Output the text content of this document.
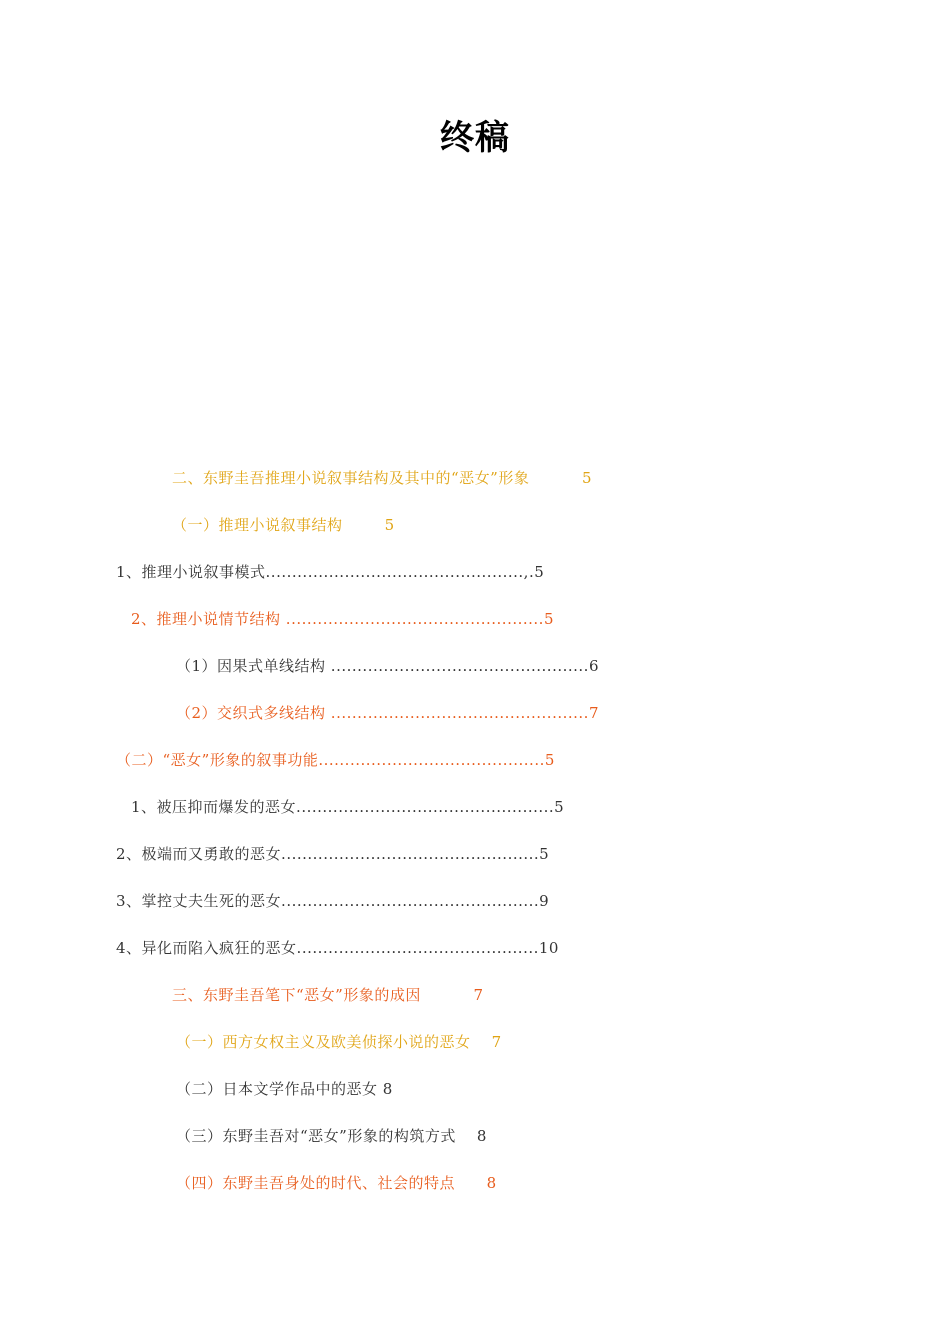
终稿
二、东野圭吾推理小说叙事结构及其中的“恶女”形象          5
（一）推理小说叙事结构        5
1、推理小说叙事模式.................................................,.5
2、推理小说情节结构 .................................................5
（1）因果式单线结构 .................................................6
（2）交织式多线结构 .................................................7
（二）“恶女”形象的叙事功能...........................................5
1、被压抑而爆发的恶女.................................................5
2、极端而又勇敢的恶女.................................................5
3、掌控丈夫生死的恶女.................................................9
4、异化而陷入疯狂的恶女..............................................10
三、东野圭吾笔下“恶女”形象的成因          7
（一）西方女权主义及欧美侦探小说的恶女    7
（二）日本文学作品中的恶女 8
（三）东野圭吾对“恶女”形象的构筑方式    8
（四）东野圭吾身处的时代、社会的特点      8
